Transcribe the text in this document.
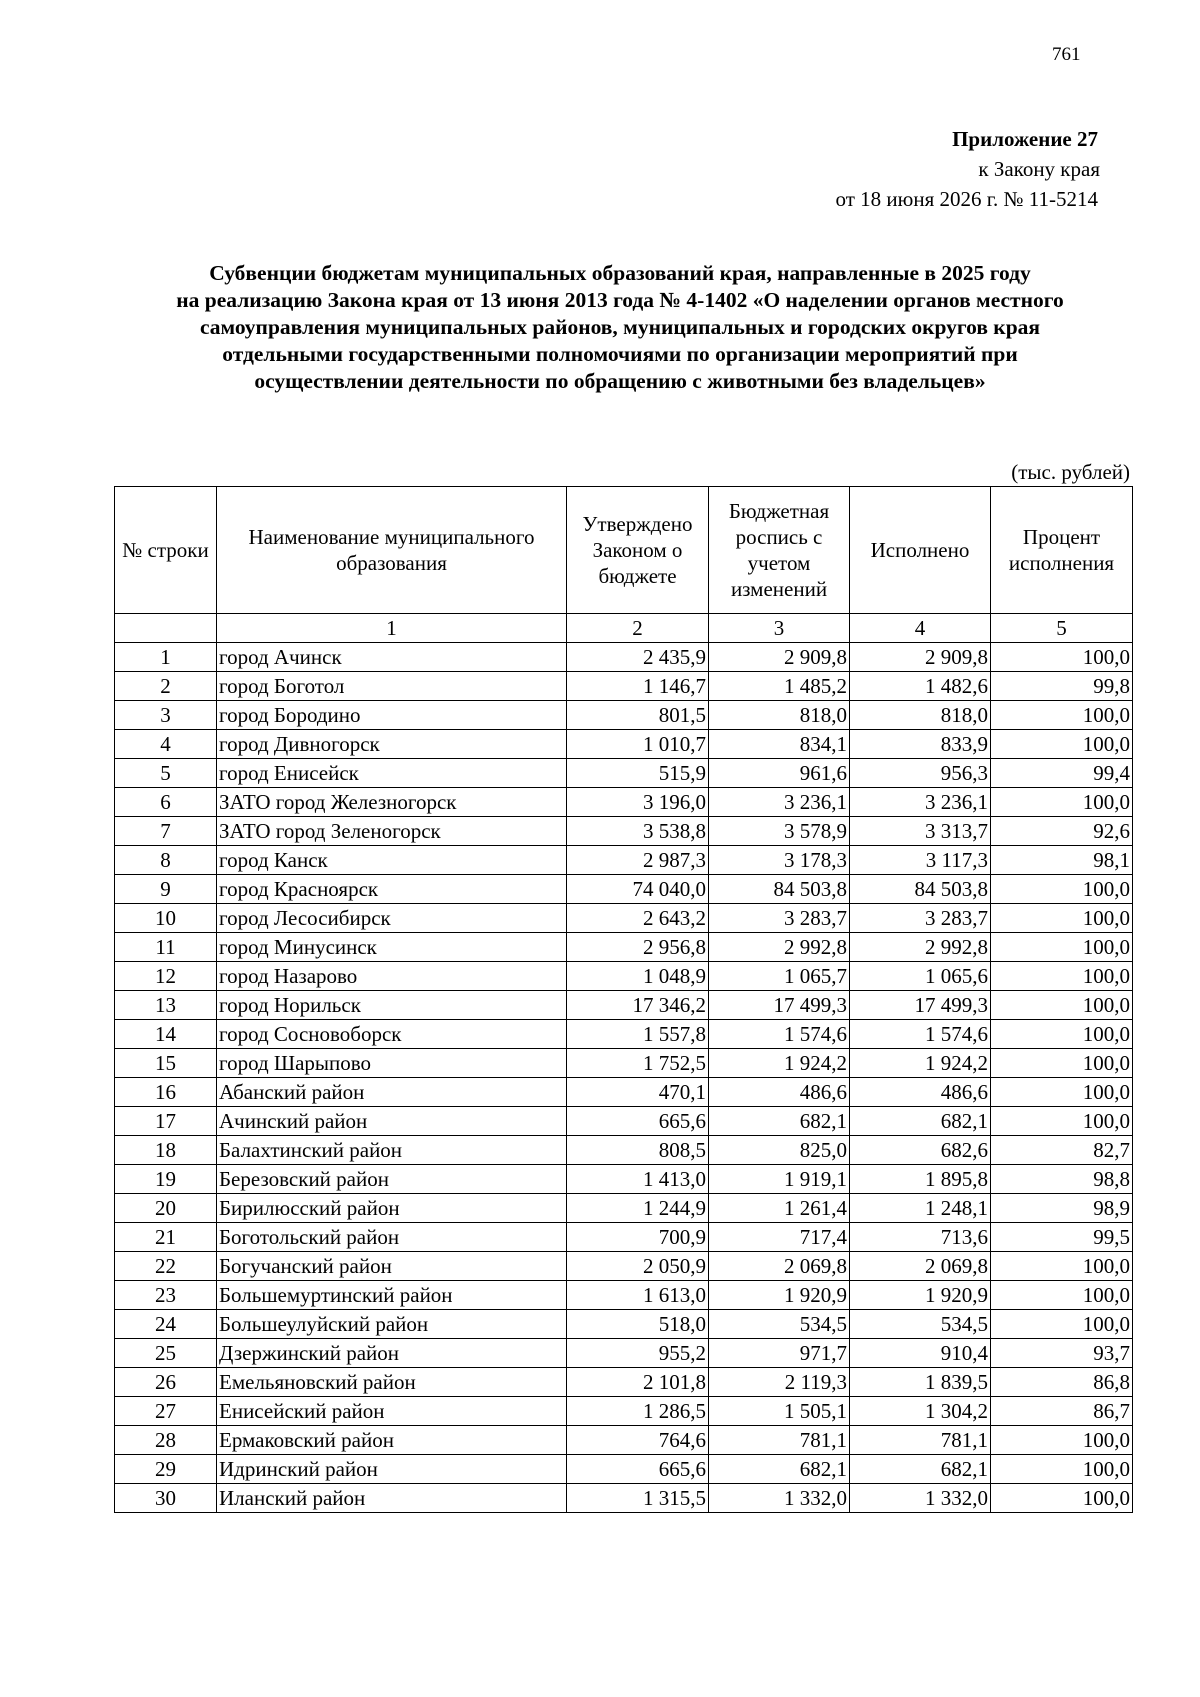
761
Приложение 27
к Закону края
от 18 июня 2026 г. № 11-5214
Субвенции бюджетам муниципальных образований края, направленные в 2025 году
на реализацию Закона края от 13 июня 2013 года № 4-1402 «О наделении органов местного
самоуправления муниципальных районов, муниципальных и городских округов края
отдельными государственными полномочиями по организации мероприятий при
осуществлении деятельности по обращению с животными без владельцев»
(тыс. рублей)
№ строки	Наименование муниципального образования	Утверждено Законом о бюджете	Бюджетная роспись с учетом изменений	Исполнено	Процент исполнения
	1	2	3	4	5
1	город Ачинск	2 435,9	2 909,8	2 909,8	100,0
2	город Боготол	1 146,7	1 485,2	1 482,6	99,8
3	город Бородино	801,5	818,0	818,0	100,0
4	город Дивногорск	1 010,7	834,1	833,9	100,0
5	город Енисейск	515,9	961,6	956,3	99,4
6	ЗАТО город Железногорск	3 196,0	3 236,1	3 236,1	100,0
7	ЗАТО город Зеленогорск	3 538,8	3 578,9	3 313,7	92,6
8	город Канск	2 987,3	3 178,3	3 117,3	98,1
9	город Красноярск	74 040,0	84 503,8	84 503,8	100,0
10	город Лесосибирск	2 643,2	3 283,7	3 283,7	100,0
11	город Минусинск	2 956,8	2 992,8	2 992,8	100,0
12	город Назарово	1 048,9	1 065,7	1 065,6	100,0
13	город Норильск	17 346,2	17 499,3	17 499,3	100,0
14	город Сосновоборск	1 557,8	1 574,6	1 574,6	100,0
15	город Шарыпово	1 752,5	1 924,2	1 924,2	100,0
16	Абанский район	470,1	486,6	486,6	100,0
17	Ачинский район	665,6	682,1	682,1	100,0
18	Балахтинский район	808,5	825,0	682,6	82,7
19	Березовский район	1 413,0	1 919,1	1 895,8	98,8
20	Бирилюсский район	1 244,9	1 261,4	1 248,1	98,9
21	Боготольский район	700,9	717,4	713,6	99,5
22	Богучанский район	2 050,9	2 069,8	2 069,8	100,0
23	Большемуртинский район	1 613,0	1 920,9	1 920,9	100,0
24	Большеулуйский район	518,0	534,5	534,5	100,0
25	Дзержинский район	955,2	971,7	910,4	93,7
26	Емельяновский район	2 101,8	2 119,3	1 839,5	86,8
27	Енисейский район	1 286,5	1 505,1	1 304,2	86,7
28	Ермаковский район	764,6	781,1	781,1	100,0
29	Идринский район	665,6	682,1	682,1	100,0
30	Иланский район	1 315,5	1 332,0	1 332,0	100,0
